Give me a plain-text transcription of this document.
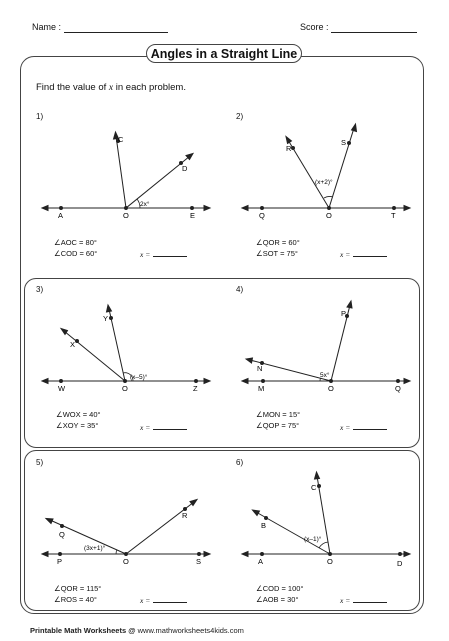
Name :	Score :
Angles in a Straight Line
Find the value of x in each problem.
1)
A	O	E
C
D
2x°
∠AOC = 80°
∠COD = 60°	x =
2)
Q	O	T
R
S
(x+2)°
∠QOR = 60°
∠SOT = 75°	x =
3)
W	O	Z
X
Y
(x–5)°
∠WOX = 40°
∠XOY = 35°	x =
4)
M	O	Q
N
P
5x°
∠MON = 15°
∠QOP = 75°	x =
5)
P	O	S
Q
R
(3x+1)°
∠QOR = 115°
∠ROS = 40°	x =
6)
A	O	D
B
C
(x–1)°
∠COD = 100°
∠AOB = 30°	x =
Printable Math Worksheets @ www.mathworksheets4kids.com
